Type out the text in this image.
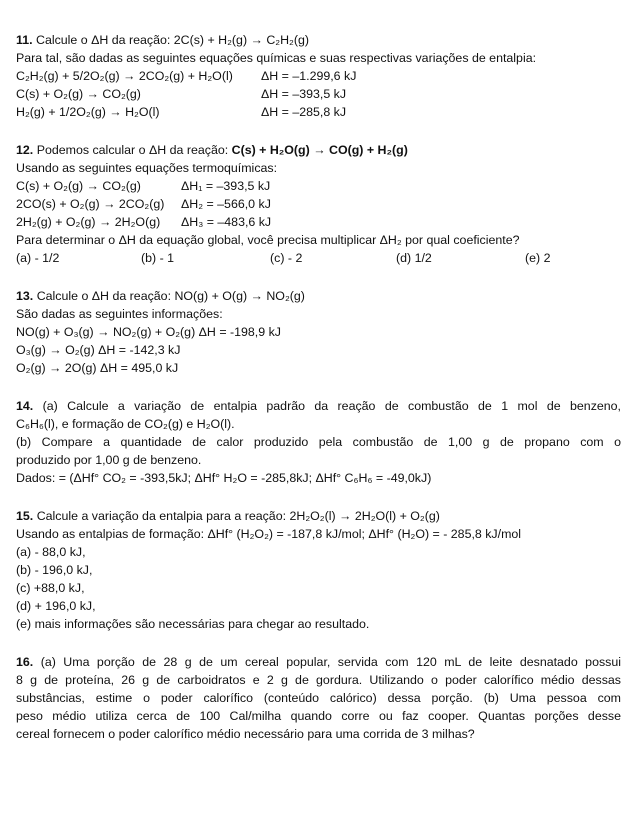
11. Calcule o ΔH da reação: 2C(s) + H₂(g) → C₂H₂(g)
Para tal, são dadas as seguintes equações químicas e suas respectivas variações de entalpia:
C₂H₂(g) + 5/2O₂(g) → 2CO₂(g) + H₂O(l) ΔH = –1.299,6 kJ
C(s) + O₂(g) → CO₂(g)	ΔH = –393,5 kJ
H₂(g) + 1/2O₂(g) → H₂O(l)	ΔH = –285,8 kJ
12. Podemos calcular o ΔH da reação: C(s) + H₂O(g) → CO(g) + H₂(g)
Usando as seguintes equações termoquímicas:
C(s) + O₂(g) → CO₂(g)	ΔH₁ = –393,5 kJ
2CO(s) + O₂(g) → 2CO₂(g) ΔH₂ = –566,0 kJ
2H₂(g) + O₂(g) → 2H₂O(g) ΔH₃ = –483,6 kJ
Para determinar o ΔH da equação global, você precisa multiplicar ΔH₂ por qual coeficiente?
(a) - 1/2	(b) - 1	(c) - 2	(d) 1/2	(e) 2
13. Calcule o ΔH da reação: NO(g) + O(g) → NO₂(g)
São dadas as seguintes informações:
NO(g) + O₃(g) → NO₂(g) + O₂(g) ΔH = -198,9 kJ
O₃(g) → O₂(g) ΔH = -142,3 kJ
O₂(g) → 2O(g) ΔH = 495,0 kJ
14. (a) Calcule a variação de entalpia padrão da reação de combustão de 1 mol de benzeno,
C₆H₆(l), e formação de CO₂(g) e H₂O(l).
(b) Compare a quantidade de calor produzido pela combustão de 1,00 g de propano com o
produzido por 1,00 g de benzeno.
Dados: = (ΔHf° CO₂ = -393,5kJ; ΔHf° H₂O = -285,8kJ; ΔHf° C₆H₆ = -49,0kJ)
15. Calcule a variação da entalpia para a reação: 2H₂O₂(l) → 2H₂O(l) + O₂(g)
Usando as entalpias de formação: ΔHf° (H₂O₂) = -187,8 kJ/mol; ΔHf° (H₂O) = - 285,8 kJ/mol
(a) - 88,0 kJ,
(b) - 196,0 kJ,
(c) +88,0 kJ,
(d) + 196,0 kJ,
(e) mais informações são necessárias para chegar ao resultado.
16. (a) Uma porção de 28 g de um cereal popular, servida com 120 mL de leite desnatado possui
8 g de proteína, 26 g de carboidratos e 2 g de gordura. Utilizando o poder calorífico médio dessas
substâncias, estime o poder calorífico (conteúdo calórico) dessa porção. (b) Uma pessoa com
peso médio utiliza cerca de 100 Cal/milha quando corre ou faz cooper. Quantas porções desse
cereal fornecem o poder calorífico médio necessário para uma corrida de 3 milhas?
